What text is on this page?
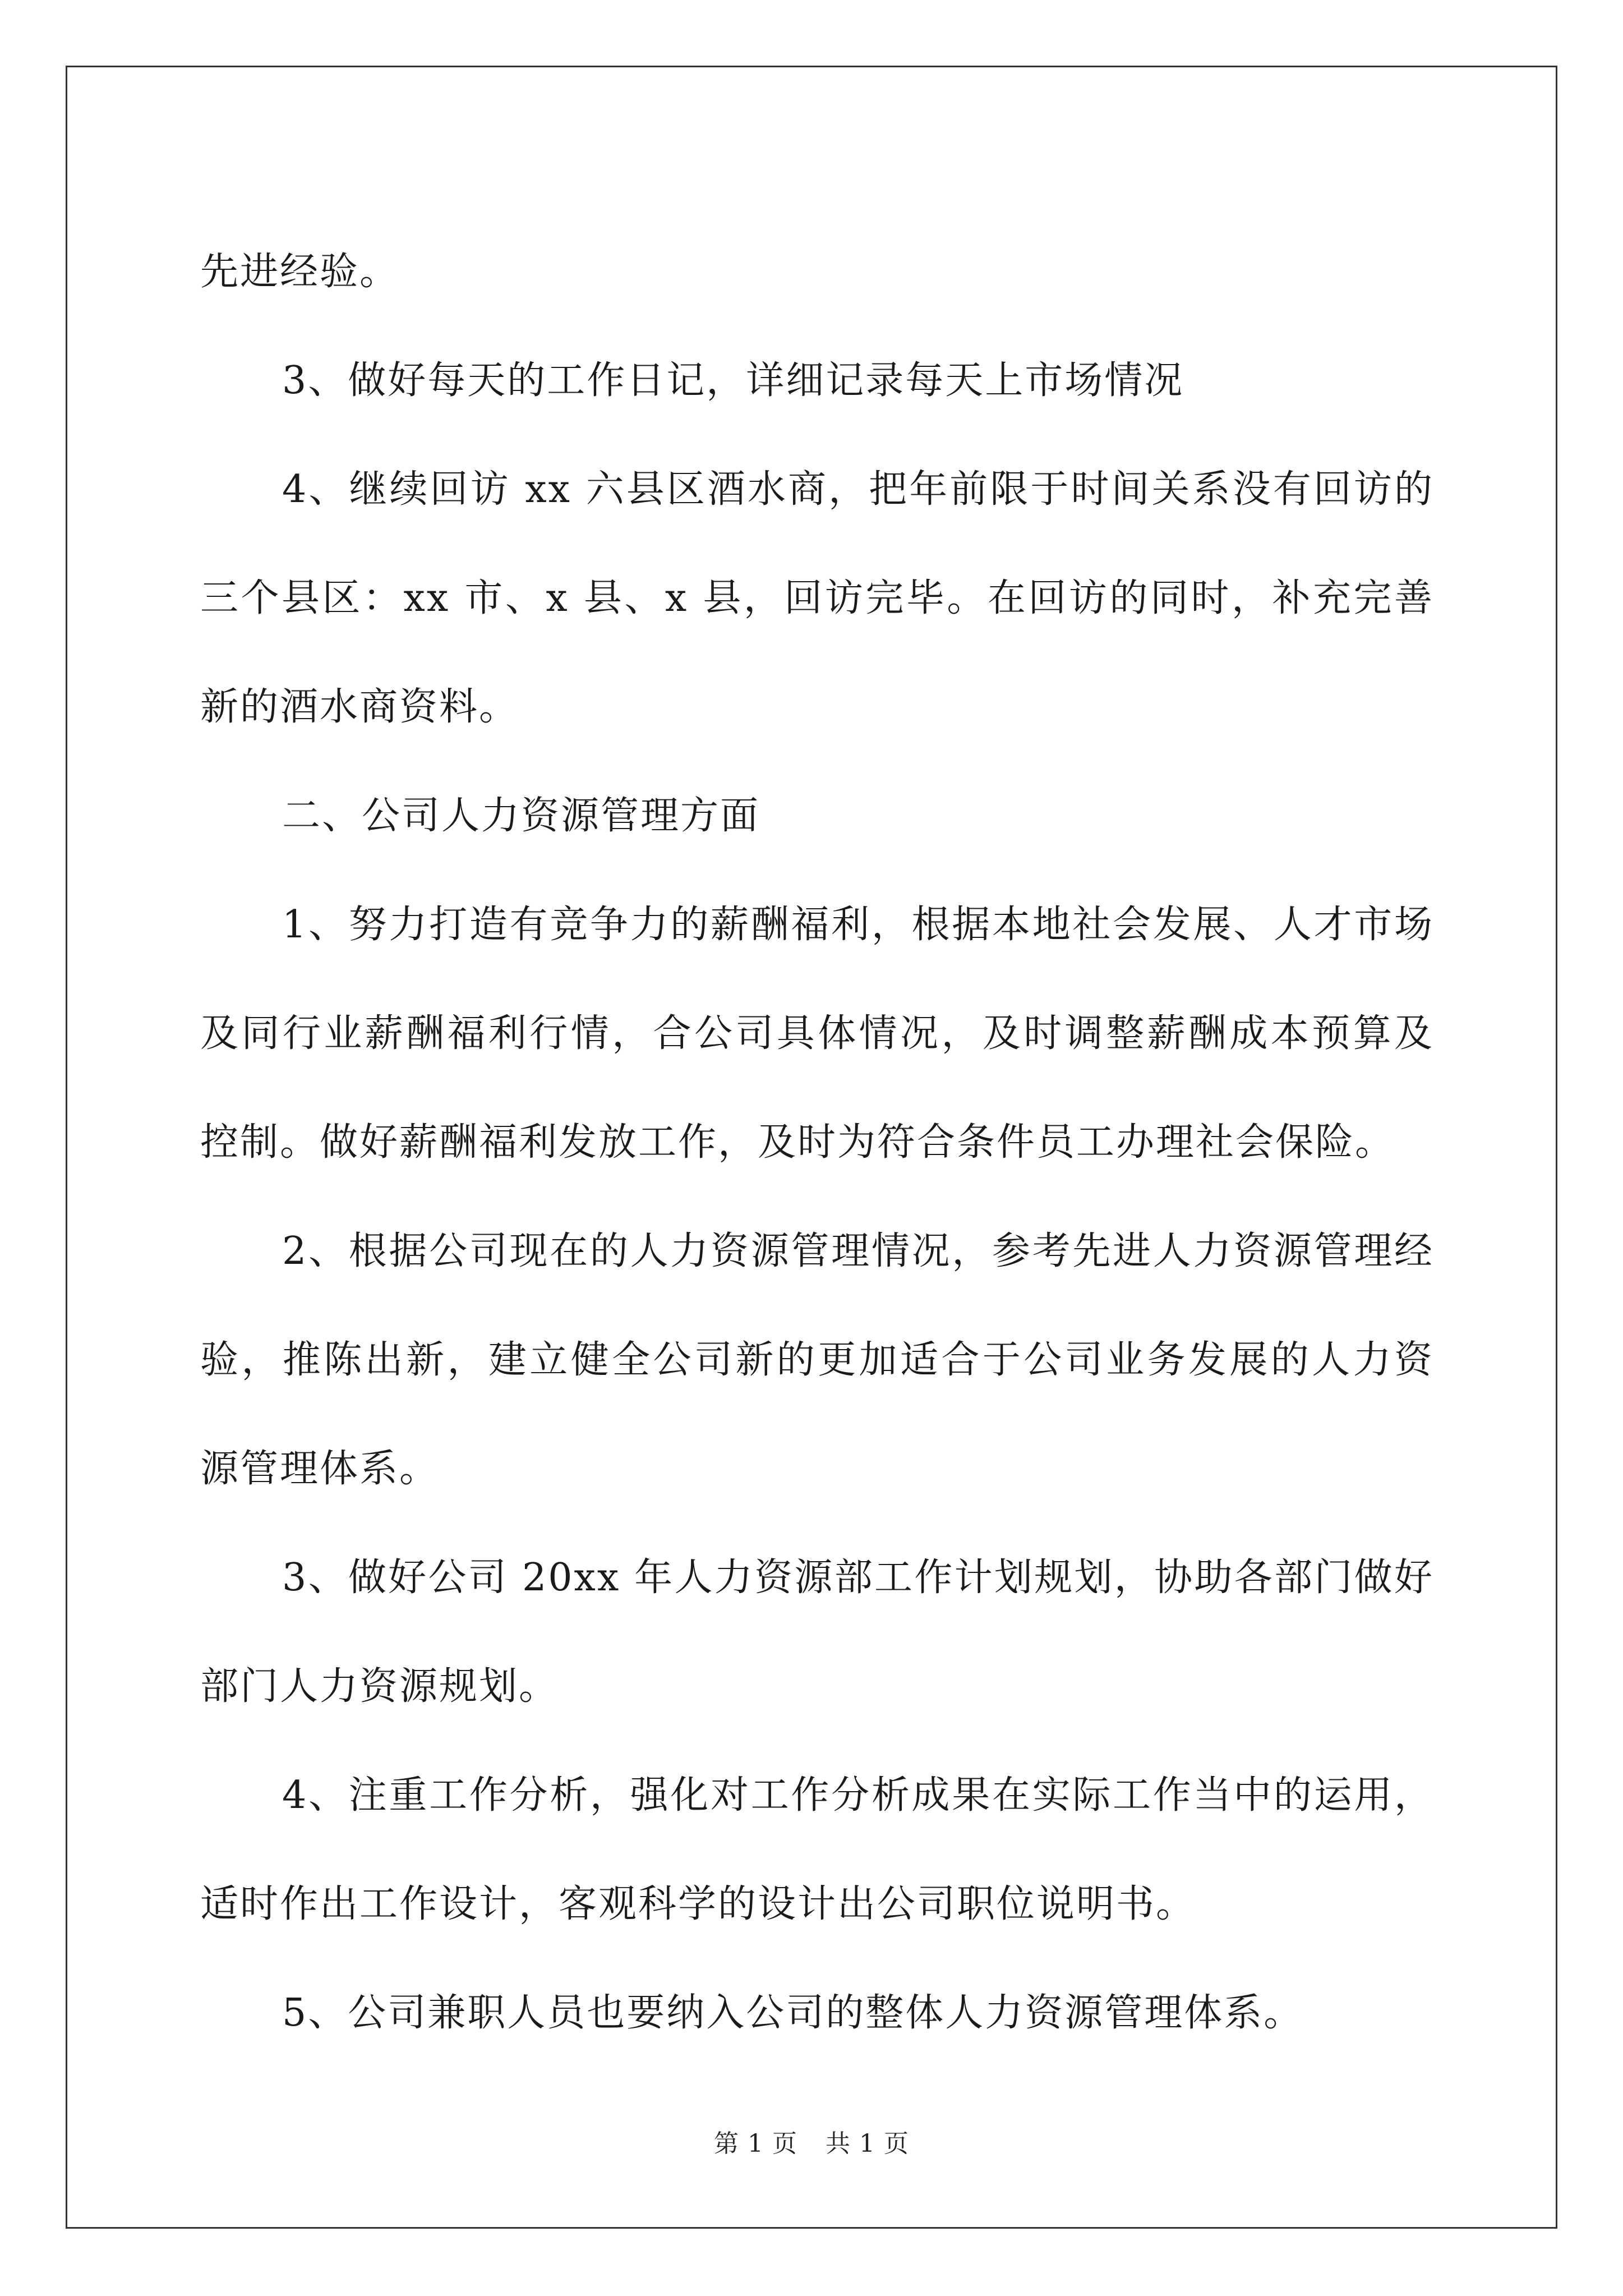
先进经验。

3、做好每天的工作日记，详细记录每天上市场情况

4、继续回访 xx 六县区酒水商，把年前限于时间关系没有回访的三个县区：xx 市、x 县、x 县，回访完毕。在回访的同时，补充完善新的酒水商资料。

二、公司人力资源管理方面

1、努力打造有竞争力的薪酬福利，根据本地社会发展、人才市场及同行业薪酬福利行情，合公司具体情况，及时调整薪酬成本预算及控制。做好薪酬福利发放工作，及时为符合条件员工办理社会保险。

2、根据公司现在的人力资源管理情况，参考先进人力资源管理经验，推陈出新，建立健全公司新的更加适合于公司业务发展的人力资源管理体系。

3、做好公司 20xx 年人力资源部工作计划规划，协助各部门做好部门人力资源规划。

4、注重工作分析，强化对工作分析成果在实际工作当中的运用，适时作出工作设计，客观科学的设计出公司职位说明书。

5、公司兼职人员也要纳入公司的整体人力资源管理体系。

第 1 页 共 1 页
